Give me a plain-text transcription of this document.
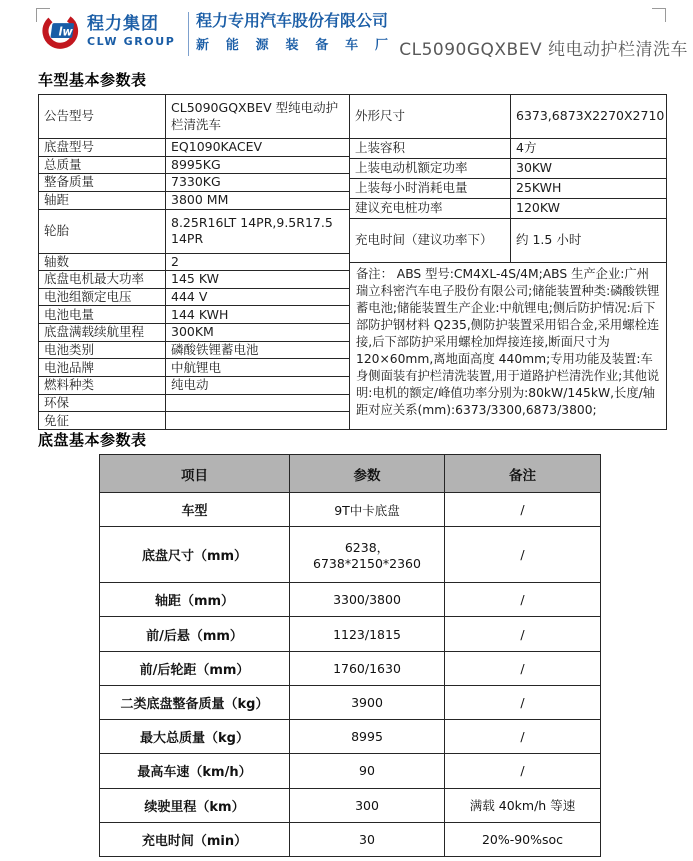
lw 程力集团
CLW GROUP
程力专用汽车股份有限公司
新 能 源 装 备 车 厂 CL5090GQXBEV 纯电动护栏清洗车
车型基本参数表
公告型号	CL5090GQXBEV 型纯电动护栏清洗车
底盘型号	EQ1090KACEV
总质量	8995KG
整备质量	7330KG
轴距	3800 MM
轮胎	8.25R16LT 14PR,9.5R17.5 14PR
轴数	2
底盘电机最大功率	145 KW
电池组额定电压	444 V
电池电量	144 KWH
底盘满载续航里程	300KM
电池类别	磷酸铁锂蓄电池
电池品牌	中航锂电
燃料种类	纯电动
环保	
免征	
外形尺寸	6373,6873X2270X2710
上装容积	4方
上装电动机额定功率	30KW
上装每小时消耗电量	25KWH
建议充电桩功率	120KW
充电时间（建议功率下）	约 1.5 小时
备注： ABS 型号:CM4XL-4S/4M;ABS 生产企业:广州瑞立科密汽车电子股份有限公司;储能装置种类:磷酸铁锂蓄电池;储能装置生产企业:中航锂电;侧后防护情况:后下部防护钢材料 Q235,侧防护装置采用铝合金,采用螺栓连接,后下部防护采用螺栓加焊接连接,断面尺寸为120×60mm,离地面高度 440mm;专用功能及装置:车身侧面装有护栏清洗装置,用于道路护栏清洗作业;其他说明:电机的额定/峰值功率分别为:80kW/145kW,长度/轴距对应关系(mm):6373/3300,6873/3800;	
底盘基本参数表
项目	参数	备注
车型	9T中卡底盘	/
底盘尺寸（mm）	6238，6738*2150*2360	/
轴距（mm）	3300/3800	/
前/后悬（mm）	1123/1815	/
前/后轮距（mm）	1760/1630	/
二类底盘整备质量（kg）	3900	/
最大总质量（kg）	8995	/
最高车速（km/h）	90	/
续驶里程（km）	300	满载 40km/h 等速
充电时间（min）	30	20%-90%soc
